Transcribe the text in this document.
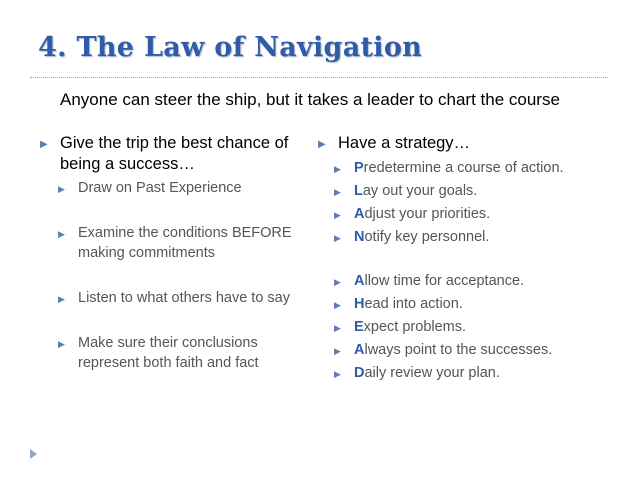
4. The Law of Navigation
Anyone can steer the ship, but it takes a leader to chart the course
▶ Give the trip the best chance of being a success…
▶ Draw on Past Experience
▶ Examine the conditions BEFORE making commitments
▶ Listen to what others have to say
▶ Make sure their conclusions represent both faith and fact
▶ Have a strategy…
▶ Predetermine a course of action.
▶ Lay out your goals.
▶ Adjust your priorities.
▶ Notify key personnel.
▶ Allow time for acceptance.
▶ Head into action.
▶ Expect problems.
▶ Always point to the successes.
▶ Daily review your plan.
